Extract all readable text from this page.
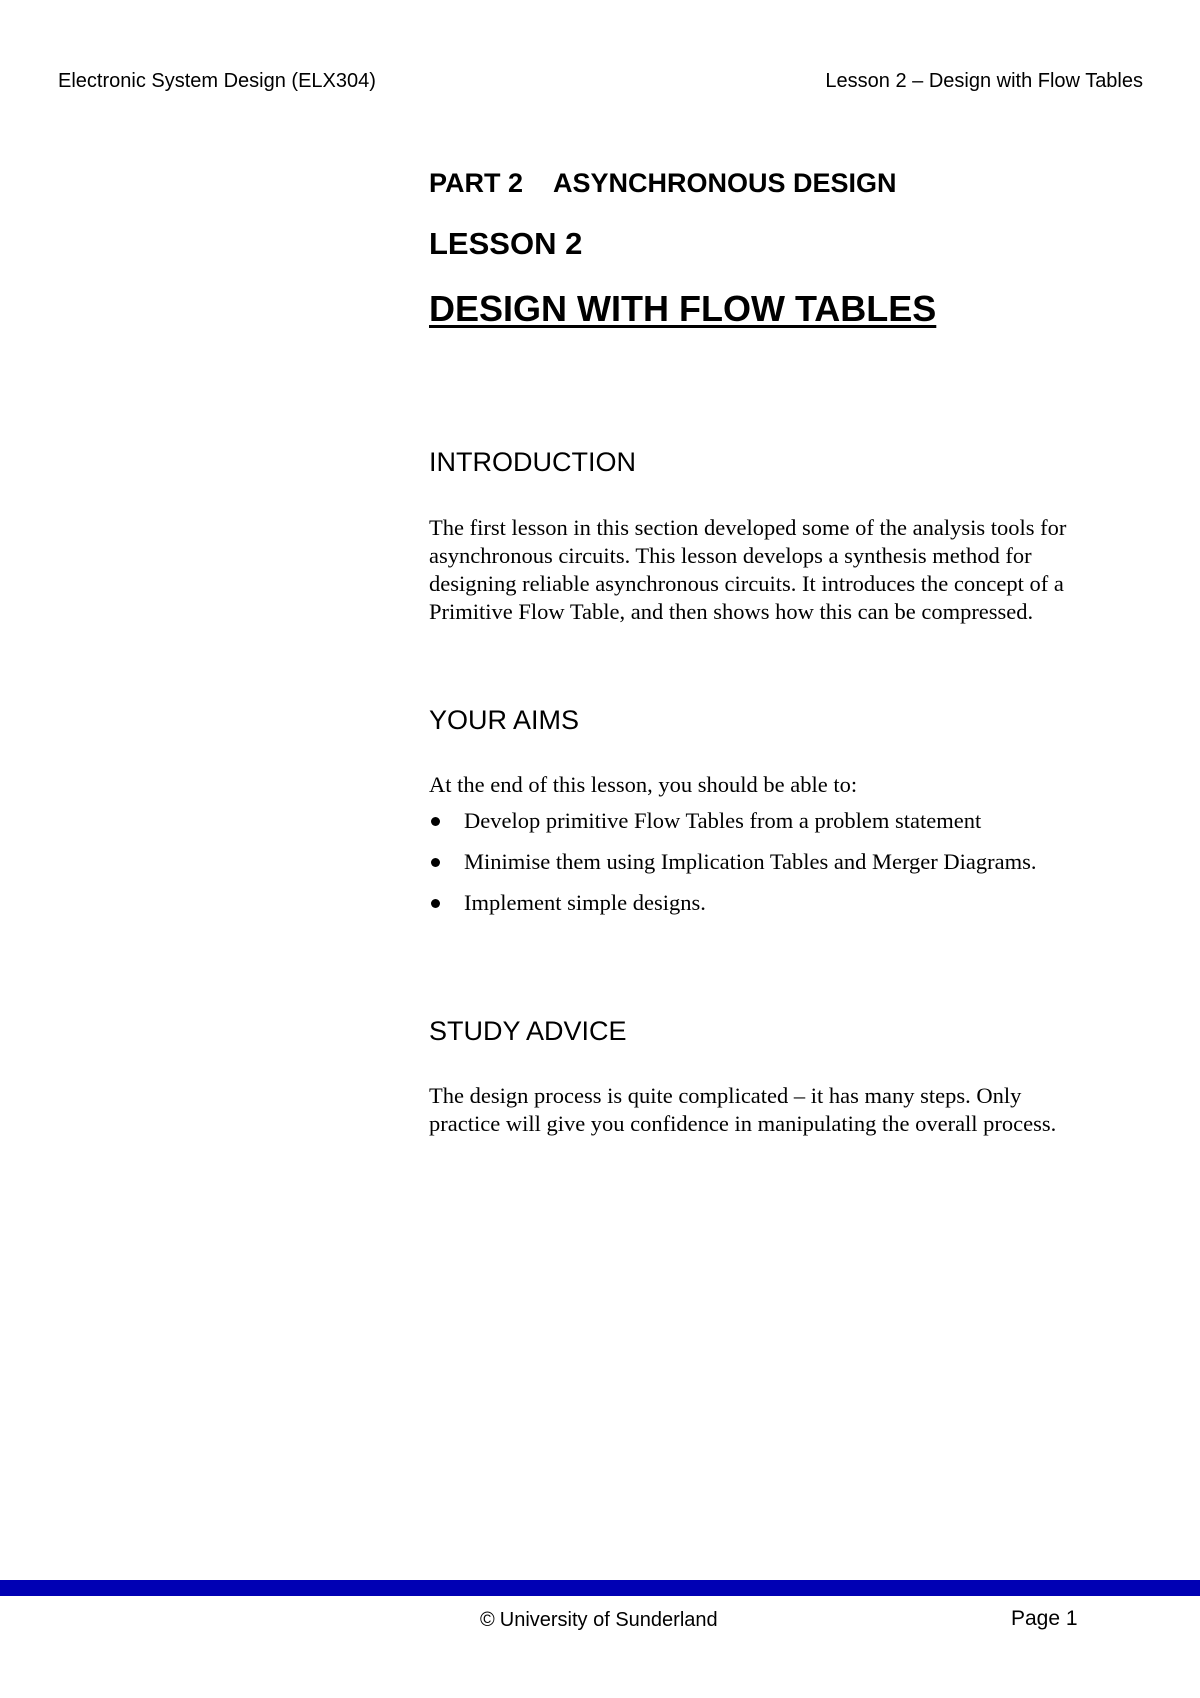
Electronic System Design (ELX304)	Lesson 2 – Design with Flow Tables
PART 2 ASYNCHRONOUS DESIGN
LESSON 2
DESIGN WITH FLOW TABLES
INTRODUCTION
The first lesson in this section developed some of the analysis tools for asynchronous circuits. This lesson develops a synthesis method for designing reliable asynchronous circuits. It introduces the concept of a Primitive Flow Table, and then shows how this can be compressed.
YOUR AIMS
At the end of this lesson, you should be able to:
Develop primitive Flow Tables from a problem statement
Minimise them using Implication Tables and Merger Diagrams.
Implement simple designs.
STUDY ADVICE
The design process is quite complicated – it has many steps. Only practice will give you confidence in manipulating the overall process.
© University of Sunderland	Page 1
